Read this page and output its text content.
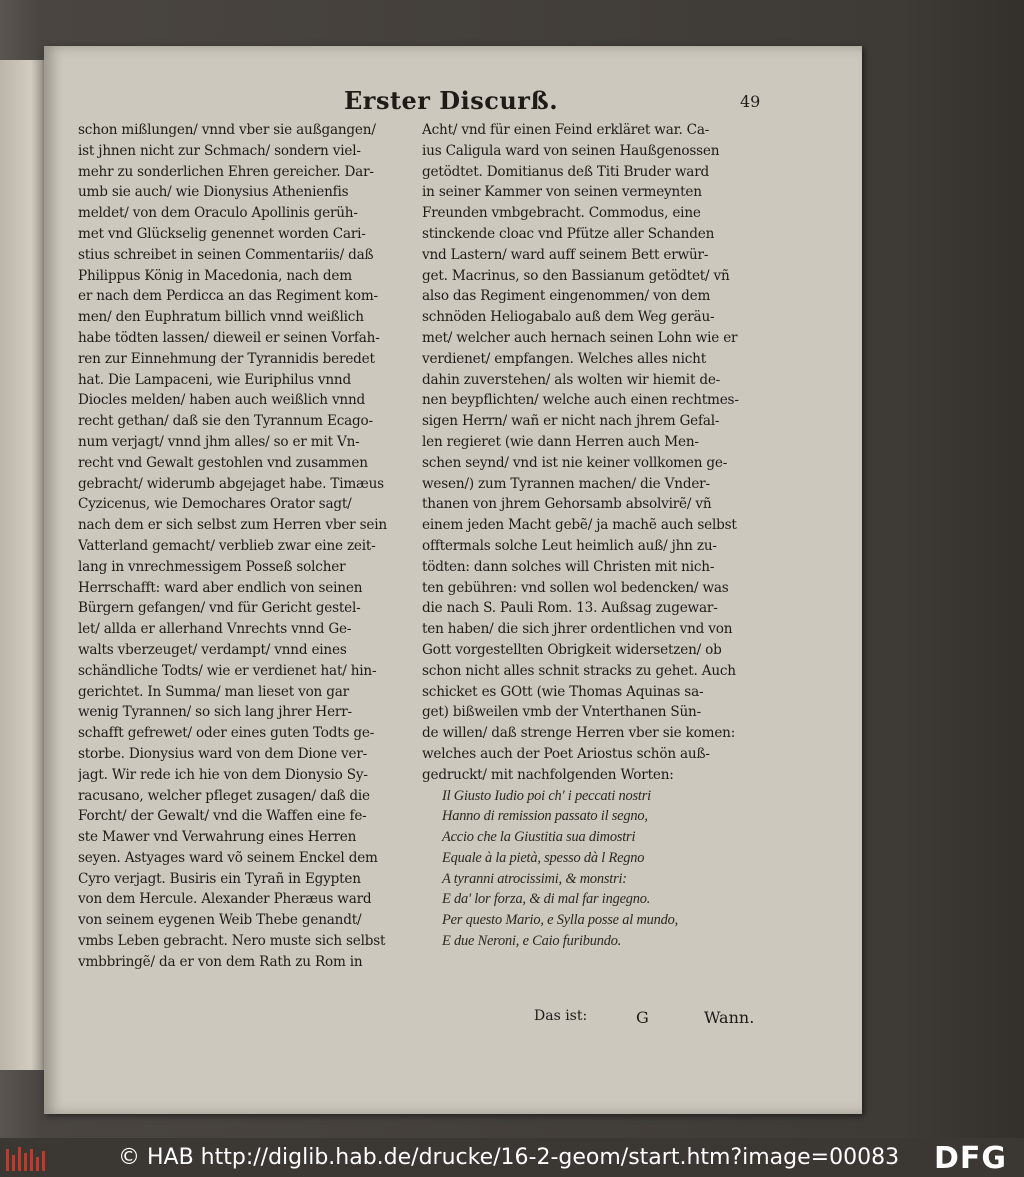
Erster Discurß.	49
schon mißlungen/ vnnd vber sie außgangen/
ist jhnen nicht zur Schmach/ sondern viel-
mehr zu sonderlichen Ehren gereicher. Dar-
umb sie auch/ wie Dionysius Athenienfis
meldet/ von dem Oraculo Apollinis gerüh-
met vnd Glückselig genennet worden Cari-
stius schreibet in seinen Commentariis/ daß
Philippus König in Macedonia, nach dem
er nach dem Perdicca an das Regiment kom-
men/ den Euphratum billich vnnd weißlich
habe tödten lassen/ dieweil er seinen Vorfah-
ren zur Einnehmung der Tyrannidis beredet
hat. Die Lampaceni, wie Euriphilus vnnd
Diocles melden/ haben auch weißlich vnnd
recht gethan/ daß sie den Tyrannum Ecago-
num verjagt/ vnnd jhm alles/ so er mit Vn-
recht vnd Gewalt gestohlen vnd zusammen
gebracht/ widerumb abgejaget habe. Timæus
Cyzicenus, wie Demochares Orator sagt/
nach dem er sich selbst zum Herren vber sein
Vatterland gemacht/ verblieb zwar eine zeit-
lang in vnrechmessigem Posseß solcher
Herrschafft: ward aber endlich von seinen
Bürgern gefangen/ vnd für Gericht gestel-
let/ allda er allerhand Vnrechts vnnd Ge-
walts vberzeuget/ verdampt/ vnnd eines
schändliche Todts/ wie er verdienet hat/ hin-
gerichtet. In Summa/ man lieset von gar
wenig Tyrannen/ so sich lang jhrer Herr-
schafft gefrewet/ oder eines guten Todts ge-
storbe. Dionysius ward von dem Dione ver-
jagt. Wir rede ich hie von dem Dionysio Sy-
racusano, welcher pfleget zusagen/ daß die
Forcht/ der Gewalt/ vnd die Waffen eine fe-
ste Mawer vnd Verwahrung eines Herren
seyen. Astyages ward võ seinem Enckel dem
Cyro verjagt. Busiris ein Tyrañ in Egypten
von dem Hercule. Alexander Pheræus ward
von seinem eygenen Weib Thebe genandt/
vmbs Leben gebracht. Nero muste sich selbst
vmbbringẽ/ da er von dem Rath zu Rom in
Acht/ vnd für einen Feind erkläret war. Ca-
ius Caligula ward von seinen Haußgenossen
getödtet. Domitianus deß Titi Bruder ward
in seiner Kammer von seinen vermeynten
Freunden vmbgebracht. Commodus, eine
stinckende cloac vnd Pfütze aller Schanden
vnd Lastern/ ward auff seinem Bett erwür-
get. Macrinus, so den Bassianum getödtet/ vñ
also das Regiment eingenommen/ von dem
schnöden Heliogabalo auß dem Weg geräu-
met/ welcher auch hernach seinen Lohn wie er
verdienet/ empfangen. Welches alles nicht
dahin zuverstehen/ als wolten wir hiemit de-
nen beypflichten/ welche auch einen rechtmes-
sigen Herrn/ wañ er nicht nach jhrem Gefal-
len regieret (wie dann Herren auch Men-
schen seynd/ vnd ist nie keiner vollkomen ge-
wesen/) zum Tyrannen machen/ die Vnder-
thanen von jhrem Gehorsamb absolvirẽ/ vñ
einem jeden Macht gebẽ/ ja machẽ auch selbst
offtermals solche Leut heimlich auß/ jhn zu-
tödten: dann solches will Christen mit nich-
ten gebühren: vnd sollen wol bedencken/ was
die nach S. Pauli Rom. 13. Außsag zugewar-
ten haben/ die sich jhrer ordentlichen vnd von
Gott vorgestellten Obrigkeit widersetzen/ ob
schon nicht alles schnit stracks zu gehet. Auch
schicket es GOtt (wie Thomas Aquinas sa-
get) bißweilen vmb der Vnterthanen Sün-
de willen/ daß strenge Herren vber sie komen:
welches auch der Poet Ariostus schön auß-
gedruckt/ mit nachfolgenden Worten:
Il Giusto Iudio poi ch' i peccati nostri
Hanno di remission passato il segno,
Accio che la Giustitia sua dimostri
Equale à la pietà, spesso dà l Regno
A tyranni atrocissimi, & monstri:
E da' lor forza, & di mal far ingegno.
Per questo Mario, e Sylla posse al mundo,
E due Neroni, e Caio furibundo.
Das ist:	G	Wann.
© HAB http://diglib.hab.de/drucke/16-2-geom/start.htm?image=00083 DFG
